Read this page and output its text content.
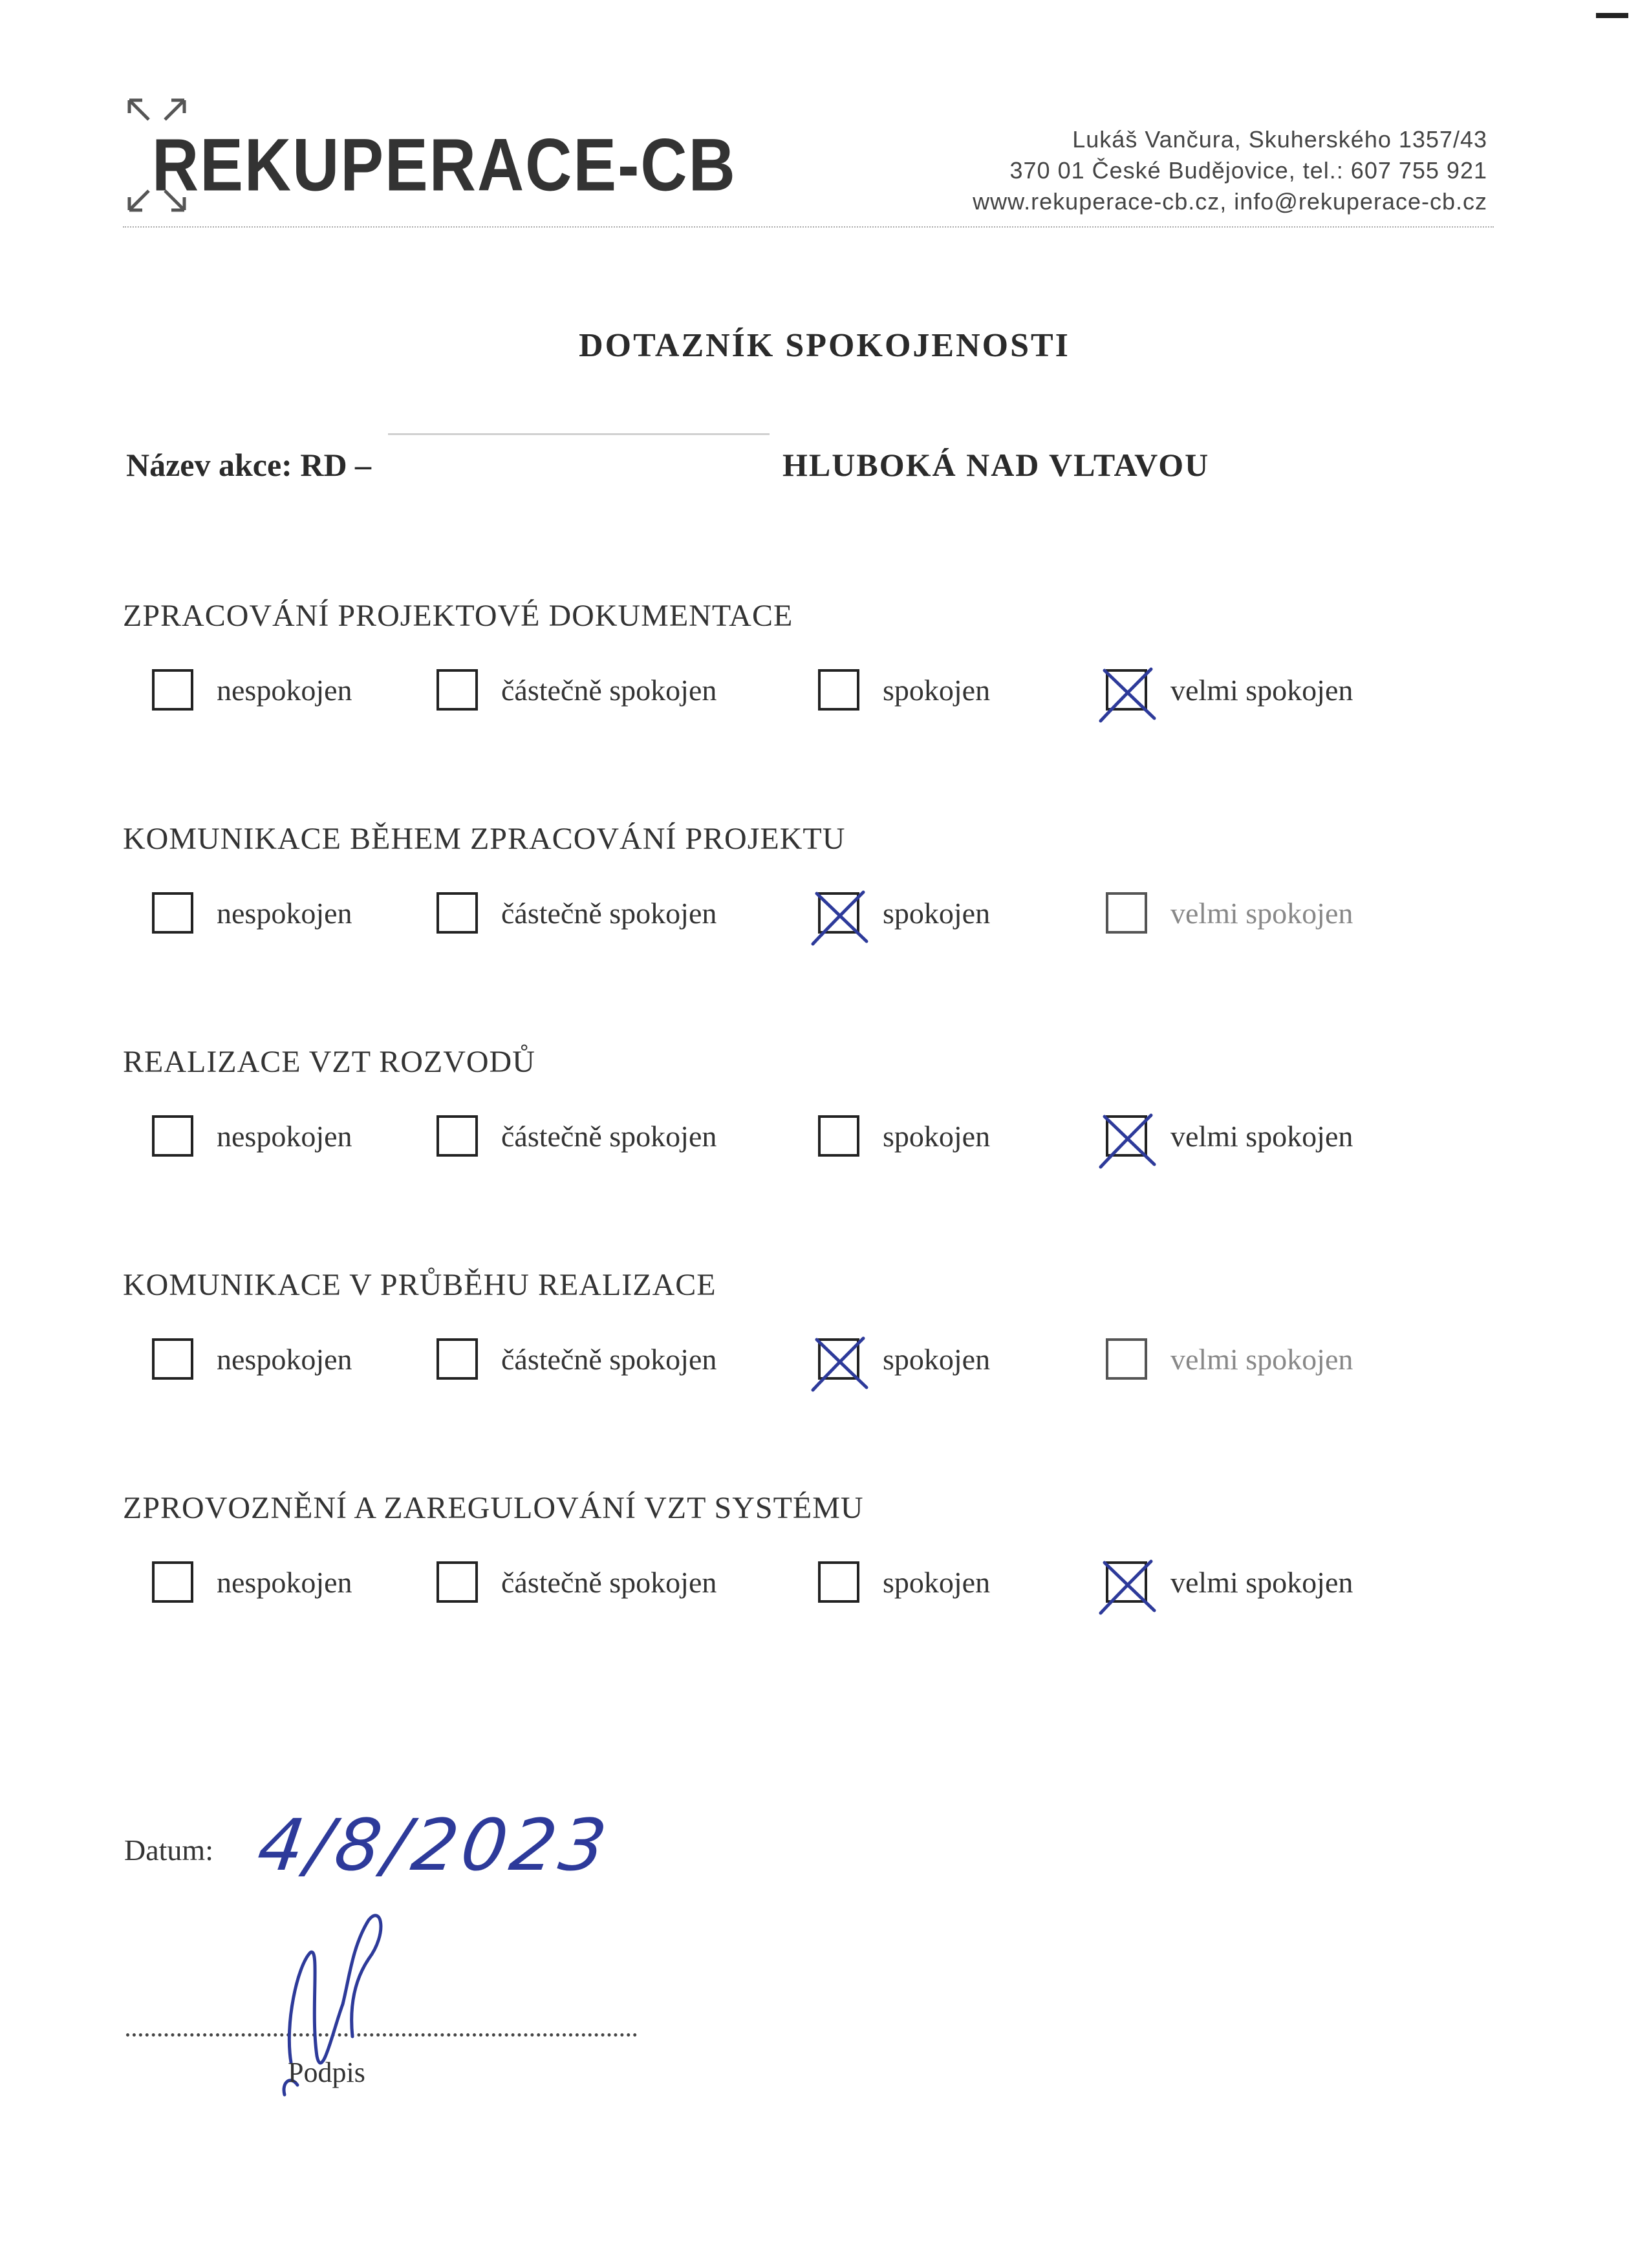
REKUPERACE-CB	Lukáš Vančura, Skuherského 1357/43
370 01 České Budějovice, tel.: 607 755 921
www.rekuperace-cb.cz, info@rekuperace-cb.cz
DOTAZNÍK SPOKOJENOSTI
Název akce: RD –	HLUBOKÁ NAD VLTAVOU
ZPRACOVÁNÍ PROJEKTOVÉ DOKUMENTACE
nespokojen	částečně spokojen	spokojen	velmi spokojen
KOMUNIKACE BĚHEM ZPRACOVÁNÍ PROJEKTU
nespokojen	částečně spokojen	spokojen	velmi spokojen
REALIZACE VZT ROZVODŮ
nespokojen	částečně spokojen	spokojen	velmi spokojen
KOMUNIKACE V PRŮBĚHU REALIZACE
nespokojen	částečně spokojen	spokojen	velmi spokojen
ZPROVOZNĚNÍ A ZAREGULOVÁNÍ VZT SYSTÉMU
nespokojen	částečně spokojen	spokojen	velmi spokojen
Datum: 4/8/2023
Podpis
